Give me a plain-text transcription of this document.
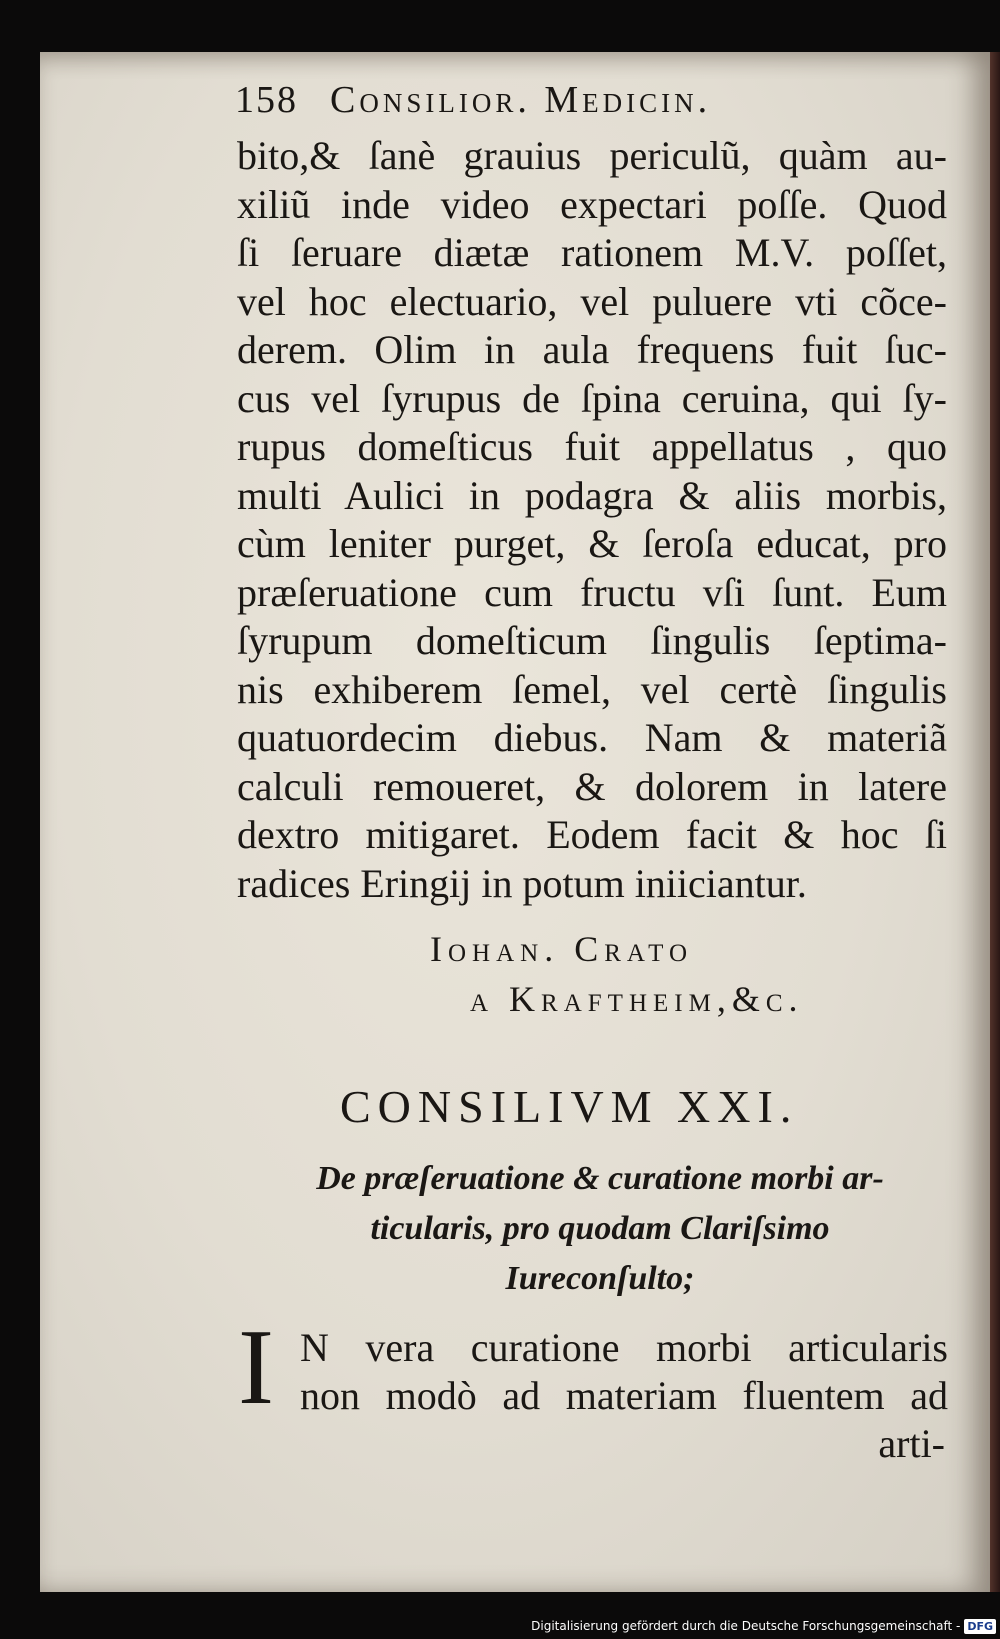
158 Consilior. Medicin.
bito,& ſanè grauius periculũ, quàm au-
xiliũ inde video expectari poſſe. Quod
ſi ſeruare diætæ rationem M.V. poſſet,
vel hoc electuario, vel puluere vti cõce-
derem. Olim in aula frequens fuit ſuc-
cus vel ſyrupus de ſpina ceruina, qui ſy-
rupus domeſticus fuit appellatus , quo
multi Aulici in podagra & aliis morbis,
cùm leniter purget, & ſeroſa educat, pro
præſeruatione cum fructu vſi ſunt. Eum
ſyrupum domeſticum ſingulis ſeptima-
nis exhiberem ſemel, vel certè ſingulis
quatuordecim diebus. Nam & materiã
calculi remoueret, & dolorem in latere
dextro mitigaret. Eodem facit & hoc ſi
radices Eringij in potum iniiciantur.
Iohan. Crato
a Kraftheim,&c.
CONSILIVM XXI.
De præſeruatione & curatione morbi ar-
ticularis, pro quodam Clariſsimo
Iureconſulto;
I N vera curatione morbi articularis
non modò ad materiam fluentem ad
arti-
Digitalisierung gefördert durch die Deutsche Forschungsgemeinschaft - DFG
